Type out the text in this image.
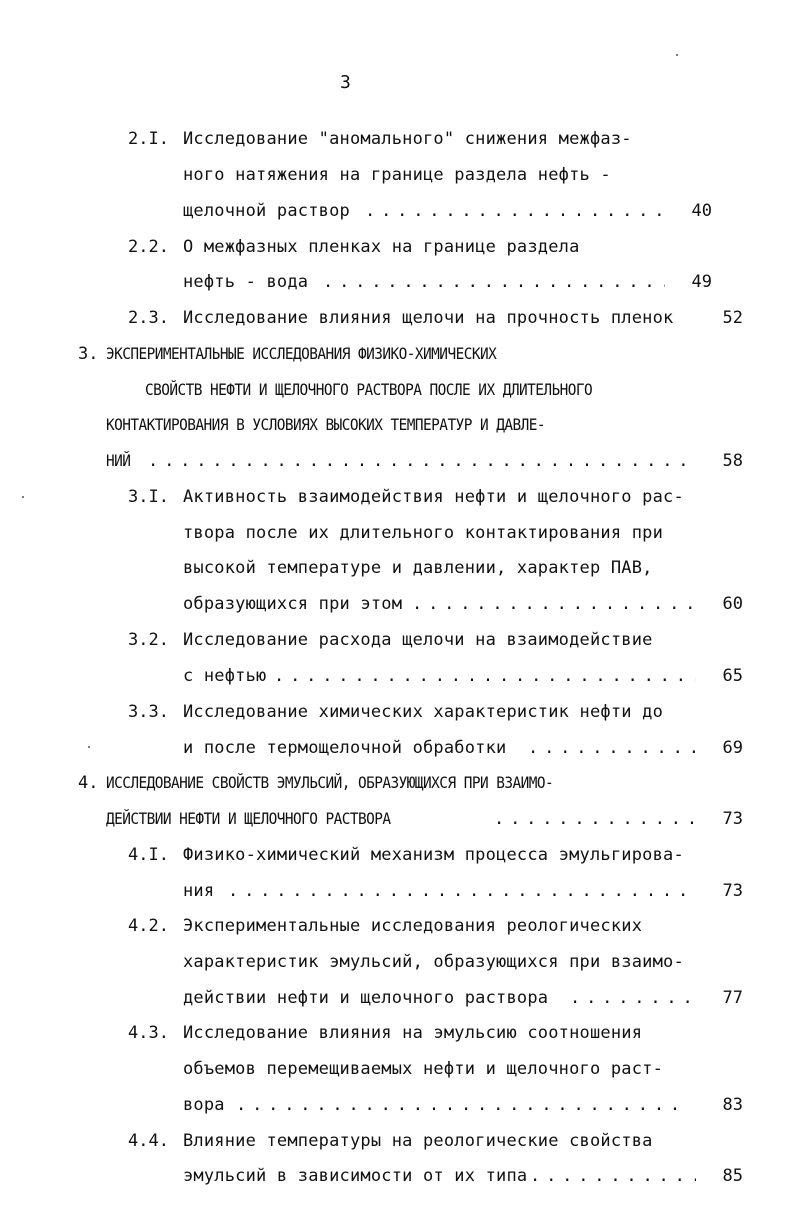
3
2.I. Исследование "аномального" снижения межфаз-
ного натяжения на границе раздела нефть -
щелочной раствор . . .	40
2.2. О межфазных пленках на границе раздела
нефть - вода . . .	49
2.3. Исследование влияния щелочи на прочность пленок	52
3. ЭКСПЕРИМЕНТАЛЬНЫЕ ИССЛЕДОВАНИЯ ФИЗИКО-ХИМИЧЕСКИХ
СВОЙСТВ НЕФТИ И ЩЕЛОЧНОГО РАСТВОРА ПОСЛЕ ИХ ДЛИТЕЛЬНОГО
КОНТАКТИРОВАНИЯ В УСЛОВИЯХ ВЫСОКИХ ТЕМПЕРАТУР И ДАВЛЕ-
НИЙ . . .	58
3.I. Активность взаимодействия нефти и щелочного рас-
твора после их длительного контактирования при
высокой температуре и давлении, характер ПАВ,
образующихся при этом . . .	60
3.2. Исследование расхода щелочи на взаимодействие
с нефтью . . .	65
3.3. Исследование химических характеристик нефти до
и после термощелочной обработки . . .	69
4. ИССЛЕДОВАНИЕ СВОЙСТВ ЭМУЛЬСИЙ, ОБРАЗУЮЩИХСЯ ПРИ ВЗАИМО-
ДЕЙСТВИИ НЕФТИ И ЩЕЛОЧНОГО РАСТВОРА . . .	73
4.I. Физико-химический механизм процесса эмульгирова-
ния . . .	73
4.2. Экспериментальные исследования реологических
характеристик эмульсий, образующихся при взаимо-
действии нефти и щелочного раствора . . .	77
4.3. Исследование влияния на эмульсию соотношения
объемов перемещиваемых нефти и щелочного раст-
вора . . .	83
4.4. Влияние температуры на реологические свойства
эмульсий в зависимости от их типа . . .	85
